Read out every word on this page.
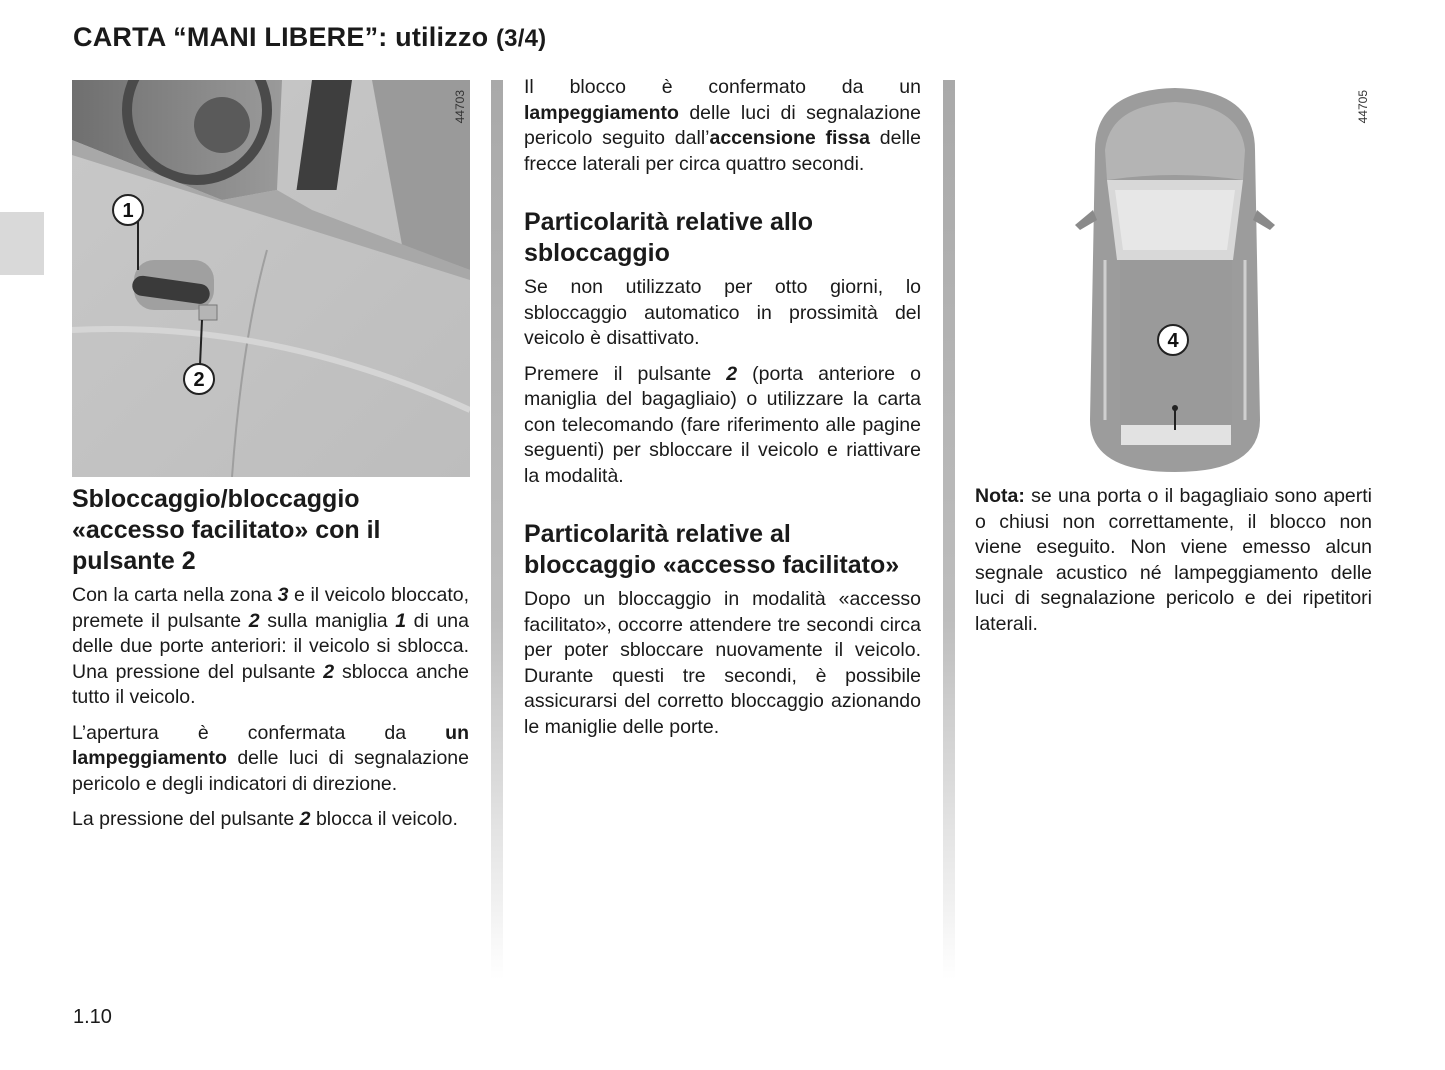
CARTA “MANI LIBERE”: utilizzo (3/4)
1
2
44703
4
44705
Sbloccaggio/bloccaggio «accesso facilitato» con il pulsante 2

Con la carta nella zona 3 e il veicolo bloccato, premete il pulsante 2 sulla maniglia 1 di una delle due porte anteriori: il veicolo si sblocca. Una pressione del pulsante 2 sblocca anche tutto il veicolo.

L’apertura è confermata da un lampeggiamento delle luci di segnalazione pericolo e degli indicatori di direzione.

La pressione del pulsante 2 blocca il veicolo.

Il blocco è confermato da un lampeggiamento delle luci di segnalazione pericolo seguito dall’accensione fissa delle frecce laterali per circa quattro secondi.

Particolarità relative allo sbloccaggio

Se non utilizzato per otto giorni, lo sbloccaggio automatico in prossimità del veicolo è disattivato.

Premere il pulsante 2 (porta anteriore o maniglia del bagagliaio) o utilizzare la carta con telecomando (fare riferimento alle pagine seguenti) per sbloccare il veicolo e riattivare la modalità.

Particolarità relative al bloccaggio «accesso facilitato»

Dopo un bloccaggio in modalità «accesso facilitato», occorre attendere tre secondi circa per poter sbloccare nuovamente il veicolo. Durante questi tre secondi, è possibile assicurarsi del corretto bloccaggio azionando le maniglie delle porte.

Nota: se una porta o il bagagliaio sono aperti o chiusi non correttamente, il blocco non viene eseguito. Non viene emesso alcun segnale acustico né lampeggiamento delle luci di segnalazione pericolo e dei ripetitori laterali.

1.10
